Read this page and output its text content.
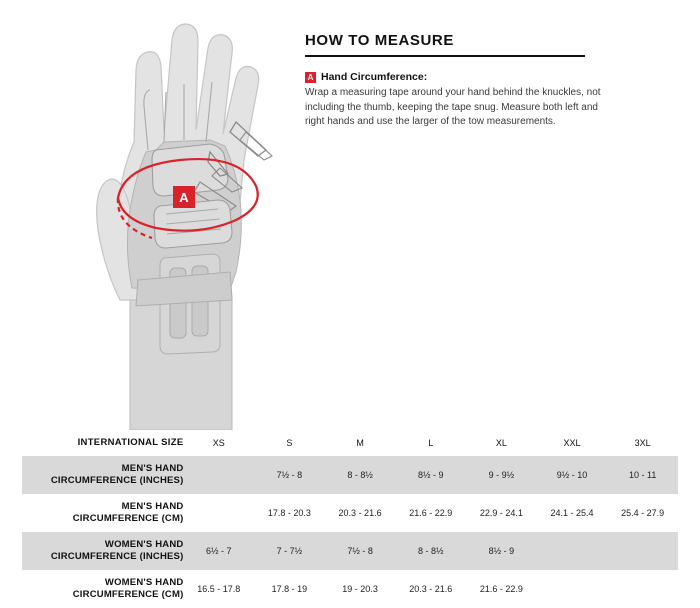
A
HOW TO MEASURE
A Hand Circumference:

Wrap a measuring tape around your hand behind the knuckles, not including the thumb, keeping the tape snug. Measure both left and right hands and use the larger of the tow measurements.

INTERNATIONAL SIZE	XS	S	M	L	XL	XXL	3XL

MEN'S HAND
CIRCUMFERENCE (INCHES)		7½ - 8	8 - 8½	8½ - 9	9 - 9½	9½ - 10	10 - 11

MEN'S HAND
CIRCUMFERENCE (CM)		17.8 - 20.3	20.3 - 21.6	21.6 - 22.9	22.9 - 24.1	24.1 - 25.4	25.4 - 27.9

WOMEN'S HAND
CIRCUMFERENCE (INCHES)	6½ - 7	7 - 7½	7½ - 8	8 - 8½	8½ - 9		

WOMEN'S HAND
CIRCUMFERENCE (CM)	16.5 - 17.8	17.8 - 19	19 - 20.3	20.3 - 21.6	21.6 - 22.9		
